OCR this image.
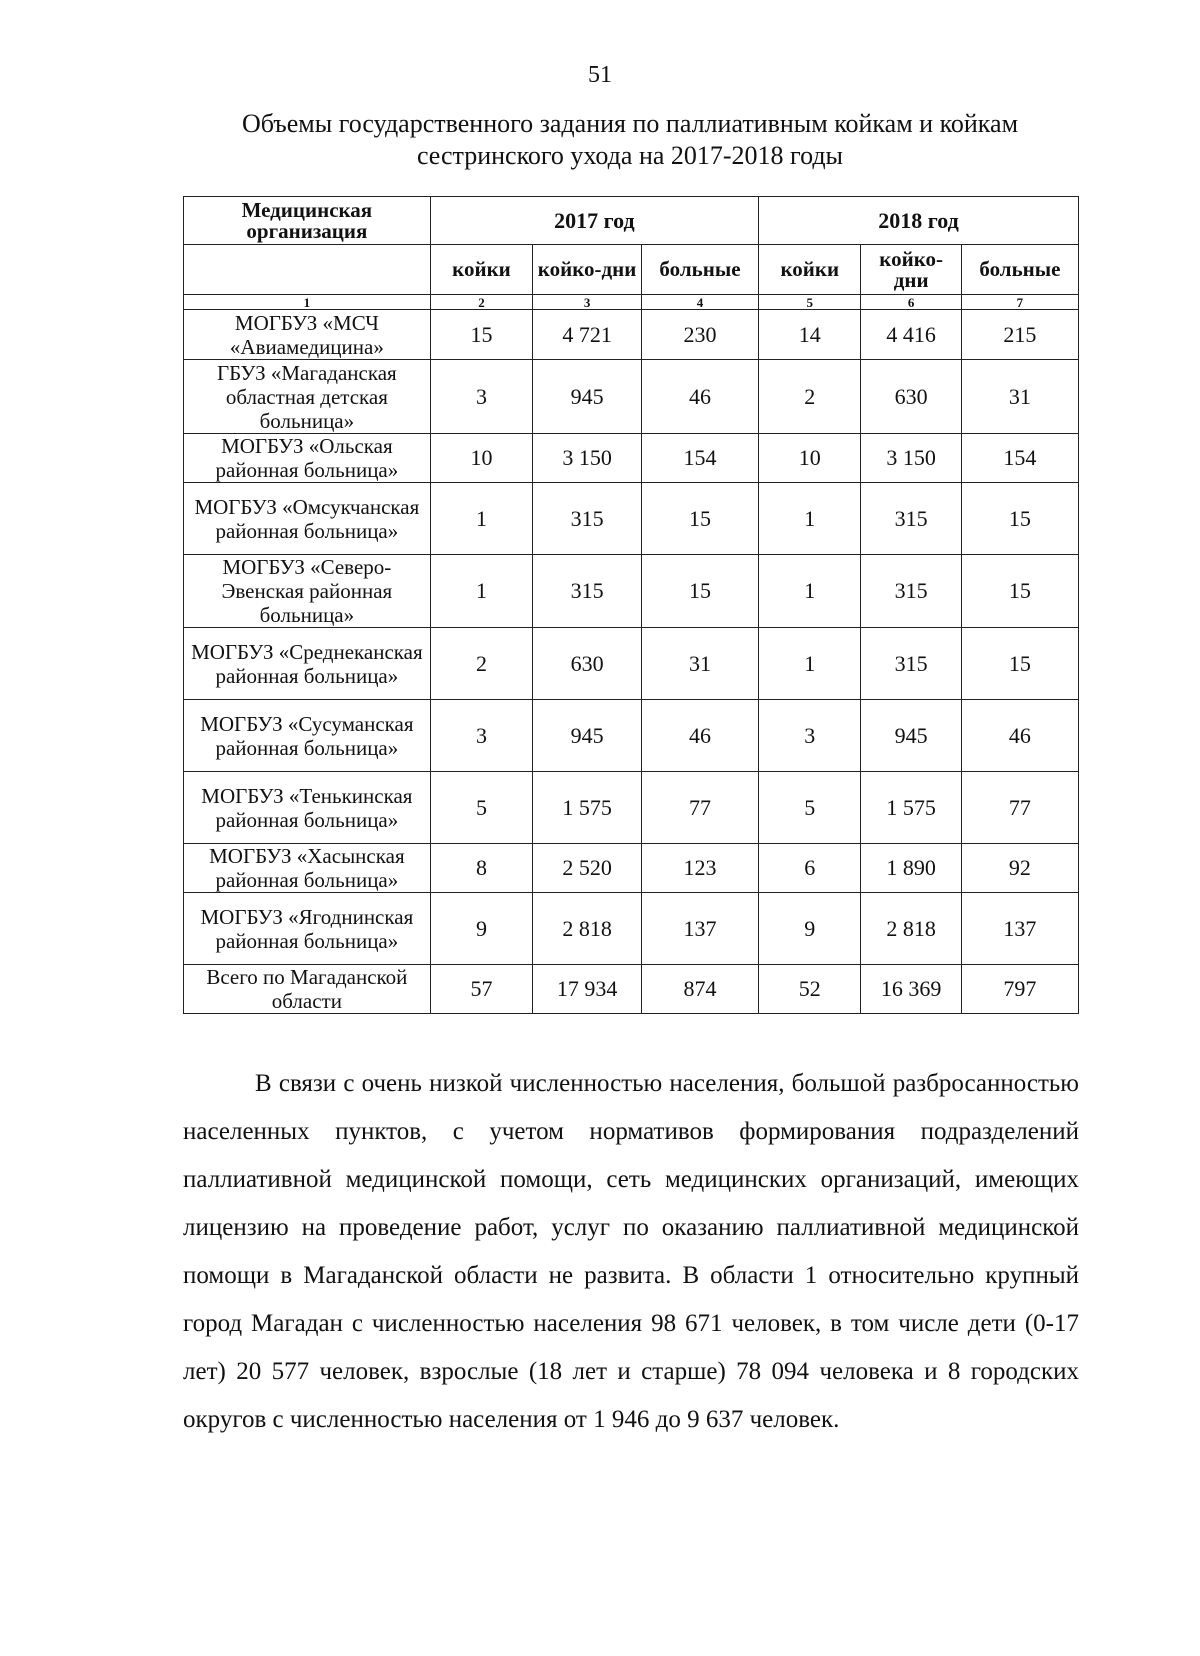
51
Объемы государственного задания по паллиативным койкам и койкам
сестринского ухода на 2017-2018 годы
Медицинская организация	2017 год			2018 год		
	койки	койко-дни	больные	койки	койко-дни	больные
1	2	3	4	5	6	7
МОГБУЗ «МСЧ «Авиамедицина»	15	4 721	230	14	4 416	215
ГБУЗ «Магаданская областная детская больница»	3	945	46	2	630	31
МОГБУЗ «Ольская районная больница»	10	3 150	154	10	3 150	154
МОГБУЗ «Омсукчанская районная больница»	1	315	15	1	315	15
МОГБУЗ «Северо-Эвенская районная больница»	1	315	15	1	315	15
МОГБУЗ «Среднеканская районная больница»	2	630	31	1	315	15
МОГБУЗ «Сусуманская районная больница»	3	945	46	3	945	46
МОГБУЗ «Тенькинская районная больница»	5	1 575	77	5	1 575	77
МОГБУЗ «Хасынская районная больница»	8	2 520	123	6	1 890	92
МОГБУЗ «Ягоднинская районная больница»	9	2 818	137	9	2 818	137
Всего по Магаданской области	57	17 934	874	52	16 369	797

В связи с очень низкой численностью населения, большой разбросанностью населенных пунктов, с учетом нормативов формирования подразделений паллиативной медицинской помощи, сеть медицинских организаций, имеющих лицензию на проведение работ, услуг по оказанию паллиативной медицинской помощи в Магаданской области не развита. В области 1 относительно крупный город Магадан с численностью населения 98 671 человек, в том числе дети (0-17 лет) 20 577 человек, взрослые (18 лет и старше) 78 094 человека и 8 городских округов с численностью населения от 1 946 до 9 637 человек.
